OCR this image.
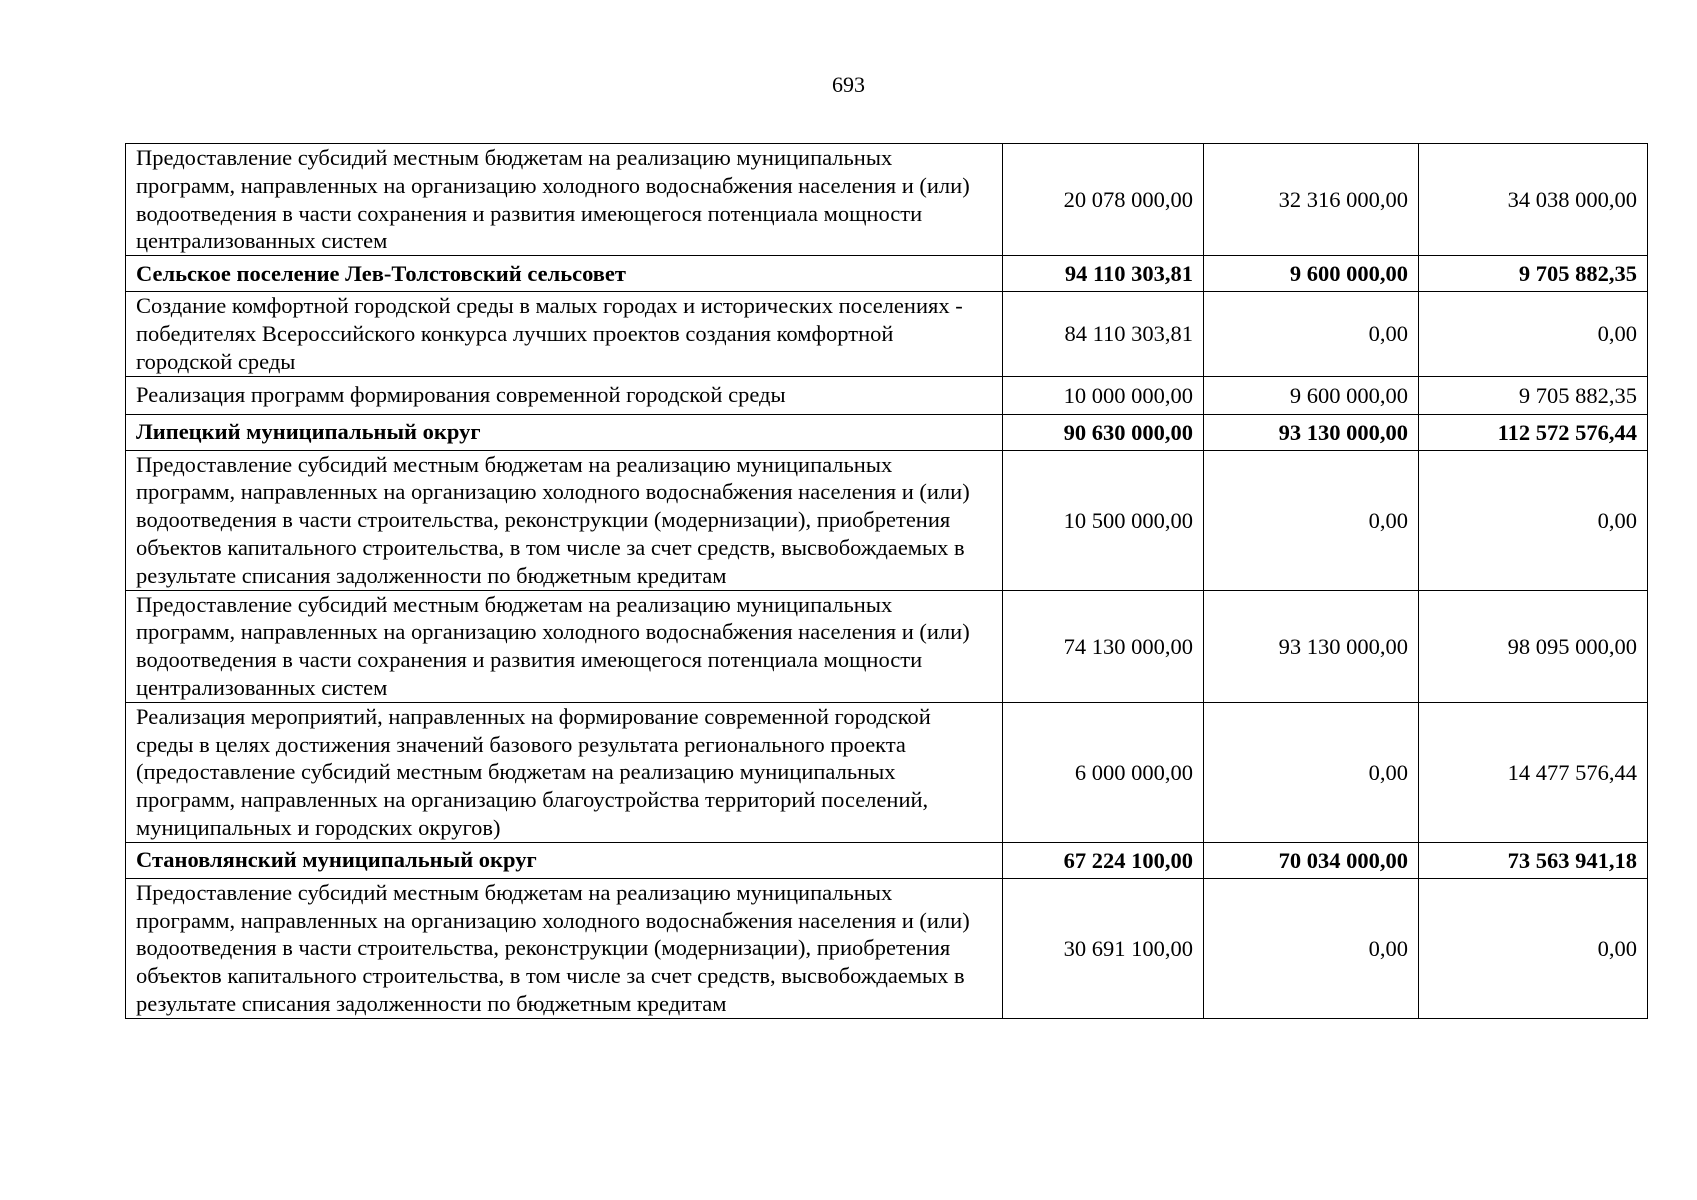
693
Предоставление субсидий местным бюджетам на реализацию муниципальных программ, направленных на организацию холодного водоснабжения населения и (или) водоотведения в части сохранения и развития имеющегося потенциала мощности централизованных систем	20 078 000,00	32 316 000,00	34 038 000,00
Сельское поселение Лев-Толстовский сельсовет	94 110 303,81	9 600 000,00	9 705 882,35
Создание комфортной городской среды в малых городах и исторических поселениях - победителях Всероссийского конкурса лучших проектов создания комфортной городской среды	84 110 303,81	0,00	0,00
Реализация программ формирования современной городской среды	10 000 000,00	9 600 000,00	9 705 882,35
Липецкий муниципальный округ	90 630 000,00	93 130 000,00	112 572 576,44
Предоставление субсидий местным бюджетам на реализацию муниципальных программ, направленных на организацию холодного водоснабжения населения и (или) водоотведения в части строительства, реконструкции (модернизации), приобретения объектов капитального строительства, в том числе за счет средств, высвобождаемых в результате списания задолженности по бюджетным кредитам	10 500 000,00	0,00	0,00
Предоставление субсидий местным бюджетам на реализацию муниципальных программ, направленных на организацию холодного водоснабжения населения и (или) водоотведения в части сохранения и развития имеющегося потенциала мощности централизованных систем	74 130 000,00	93 130 000,00	98 095 000,00
Реализация мероприятий, направленных на формирование современной городской среды в целях достижения значений базового результата регионального проекта (предоставление субсидий местным бюджетам на реализацию муниципальных программ, направленных на организацию благоустройства территорий поселений, муниципальных и городских округов)	6 000 000,00	0,00	14 477 576,44
Становлянский муниципальный округ	67 224 100,00	70 034 000,00	73 563 941,18
Предоставление субсидий местным бюджетам на реализацию муниципальных программ, направленных на организацию холодного водоснабжения населения и (или) водоотведения в части строительства, реконструкции (модернизации), приобретения объектов капитального строительства, в том числе за счет средств, высвобождаемых в результате списания задолженности по бюджетным кредитам	30 691 100,00	0,00	0,00
